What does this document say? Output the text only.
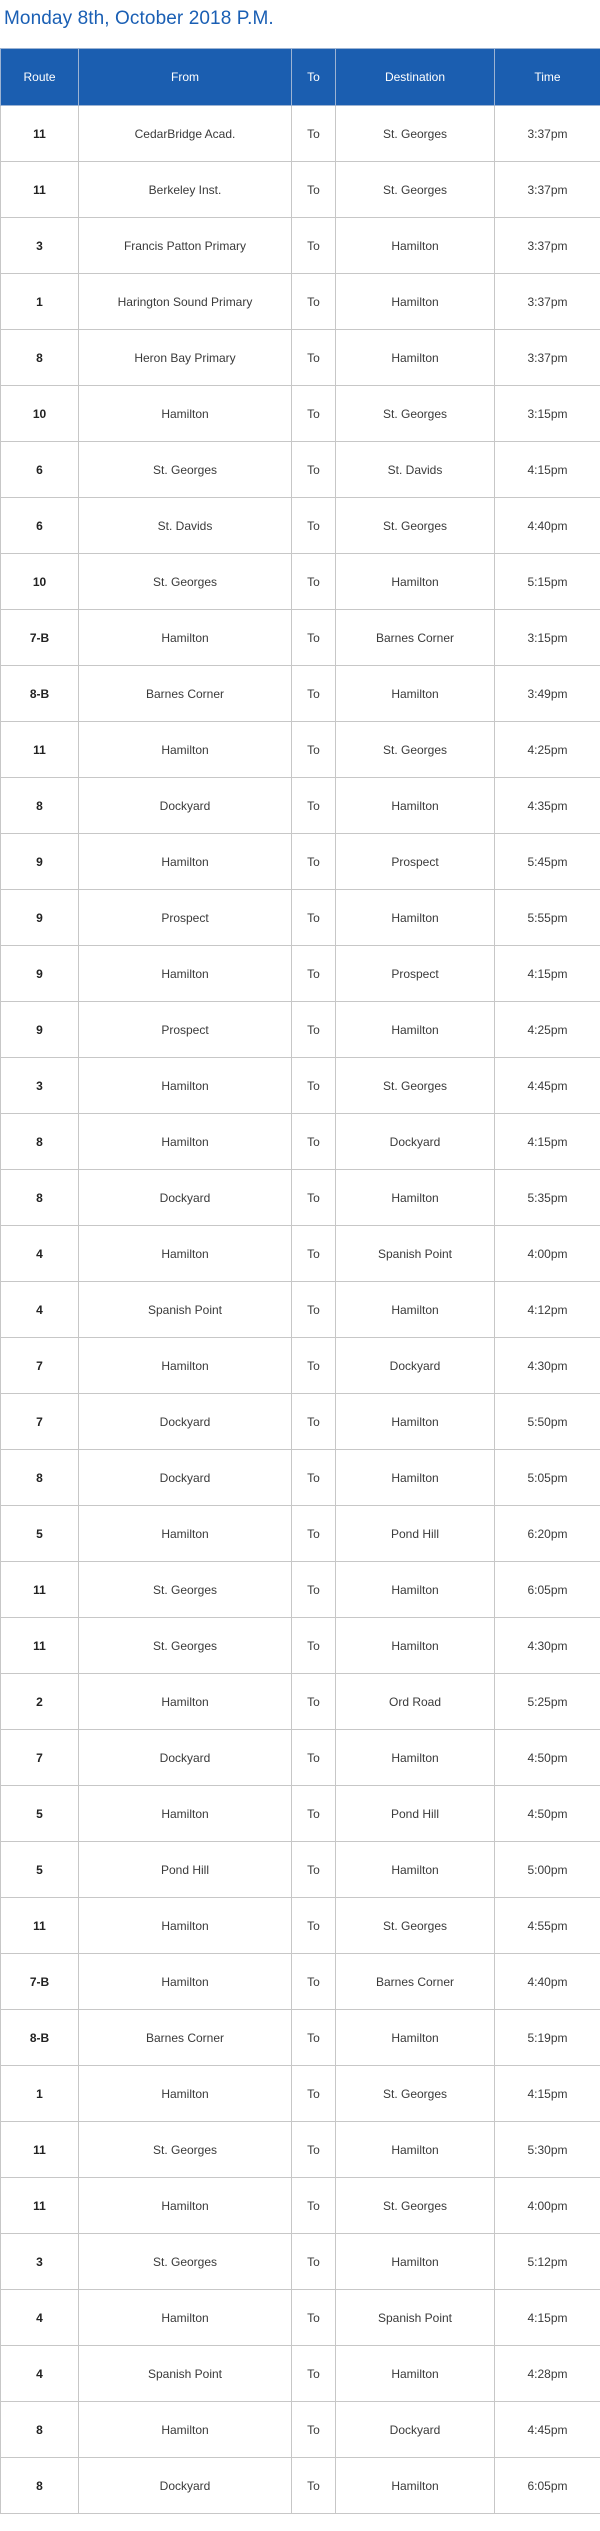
Monday 8th, October 2018 P.M.
Route	From	To	Destination	Time
11	CedarBridge Acad.	To	St. Georges	3:37pm
11	Berkeley Inst.	To	St. Georges	3:37pm
3	Francis Patton Primary	To	Hamilton	3:37pm
1	Harington Sound Primary	To	Hamilton	3:37pm
8	Heron Bay Primary	To	Hamilton	3:37pm
10	Hamilton	To	St. Georges	3:15pm
6	St. Georges	To	St. Davids	4:15pm
6	St. Davids	To	St. Georges	4:40pm
10	St. Georges	To	Hamilton	5:15pm
7-B	Hamilton	To	Barnes Corner	3:15pm
8-B	Barnes Corner	To	Hamilton	3:49pm
11	Hamilton	To	St. Georges	4:25pm
8	Dockyard	To	Hamilton	4:35pm
9	Hamilton	To	Prospect	5:45pm
9	Prospect	To	Hamilton	5:55pm
9	Hamilton	To	Prospect	4:15pm
9	Prospect	To	Hamilton	4:25pm
3	Hamilton	To	St. Georges	4:45pm
8	Hamilton	To	Dockyard	4:15pm
8	Dockyard	To	Hamilton	5:35pm
4	Hamilton	To	Spanish Point	4:00pm
4	Spanish Point	To	Hamilton	4:12pm
7	Hamilton	To	Dockyard	4:30pm
7	Dockyard	To	Hamilton	5:50pm
8	Dockyard	To	Hamilton	5:05pm
5	Hamilton	To	Pond Hill	6:20pm
11	St. Georges	To	Hamilton	6:05pm
11	St. Georges	To	Hamilton	4:30pm
2	Hamilton	To	Ord Road	5:25pm
7	Dockyard	To	Hamilton	4:50pm
5	Hamilton	To	Pond Hill	4:50pm
5	Pond Hill	To	Hamilton	5:00pm
11	Hamilton	To	St. Georges	4:55pm
7-B	Hamilton	To	Barnes Corner	4:40pm
8-B	Barnes Corner	To	Hamilton	5:19pm
1	Hamilton	To	St. Georges	4:15pm
11	St. Georges	To	Hamilton	5:30pm
11	Hamilton	To	St. Georges	4:00pm
3	St. Georges	To	Hamilton	5:12pm
4	Hamilton	To	Spanish Point	4:15pm
4	Spanish Point	To	Hamilton	4:28pm
8	Hamilton	To	Dockyard	4:45pm
8	Dockyard	To	Hamilton	6:05pm
